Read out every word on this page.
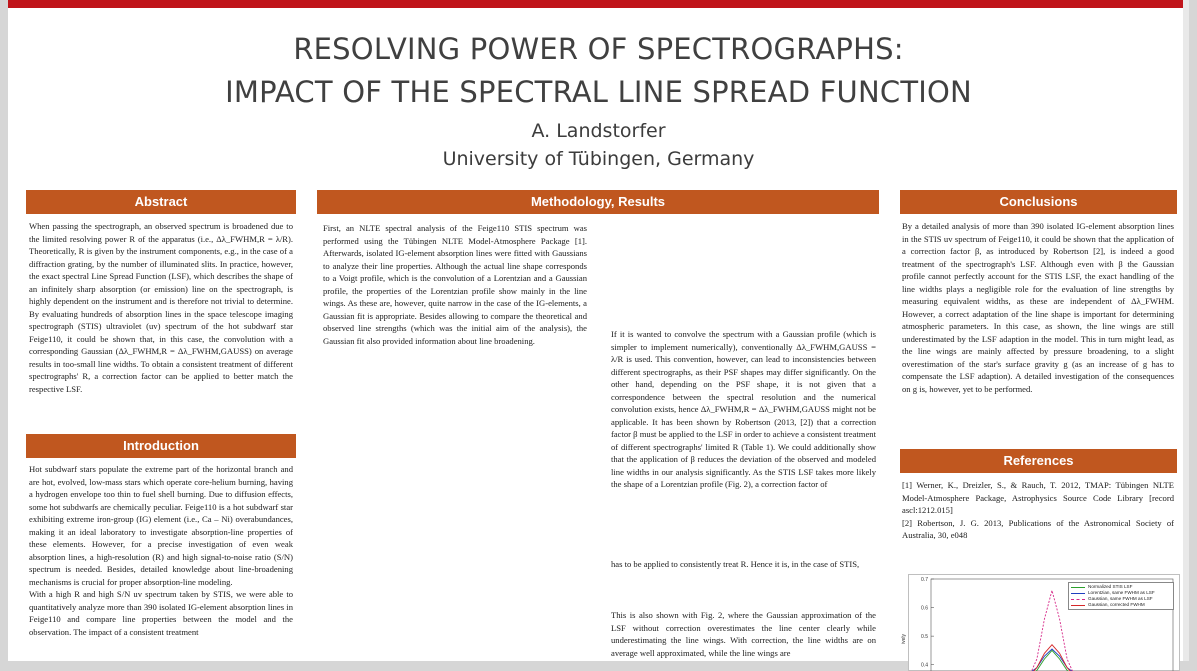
RESOLVING POWER OF SPECTROGRAPHS:
IMPACT OF THE SPECTRAL LINE SPREAD FUNCTION
A. Landstorfer
University of Tübingen, Germany
Abstract

When passing the spectrograph, an observed spectrum is broadened due to the limited resolving power R of the apparatus (i.e., Δλ_FWHM,R = λ/R). Theoretically, R is given by the instrument components, e.g., in the case of a diffraction grating, by the number of illuminated slits. In practice, however, the exact spectral Line Spread Function (LSF), which describes the shape of an infinitely sharp absorption (or emission) line on the spectrograph, is highly dependent on the instrument and is therefore not trivial to determine. By evaluating hundreds of absorption lines in the space telescope imaging spectrograph (STIS) ultraviolet (uv) spectrum of the hot subdwarf star Feige110, it could be shown that, in this case, the convolution with a corresponding Gaussian (Δλ_FWHM,R = Δλ_FWHM,GAUSS) on average results in too-small line widths. To obtain a consistent treatment of different spectrographs' R, a correction factor can be applied to better match the respective LSF.

Introduction

Hot subdwarf stars populate the extreme part of the horizontal branch and are hot, evolved, low-mass stars which operate core-helium burning, having a hydrogen envelope too thin to fuel shell burning. Due to diffusion effects, some hot subdwarfs are chemically peculiar. Feige110 is a hot subdwarf star exhibiting extreme iron-group (IG) element (i.e., Ca – Ni) overabundances, making it an ideal laboratory to investigate absorption-line properties of these elements. However, for a precise investigation of even weak absorption lines, a high-resolution (R) and high signal-to-noise ratio (S/N) spectrum is needed. Besides, detailed knowledge about line-broadening mechanisms is crucial for proper absorption-line modeling.

With a high R and high S/N uv spectrum taken by STIS, we were able to quantitatively analyze more than 390 isolated IG-element absorption lines in Feige110 and compare line properties between the model and the observation. The impact of a consistent treatment

Methodology, Results

First, an NLTE spectral analysis of the Feige110 STIS spectrum was performed using the Tübingen NLTE Model-Atmosphere Package [1]. Afterwards, isolated IG-element absorption lines were fitted with Gaussians to analyze their line properties. Although the actual line shape corresponds to a Voigt profile, which is the convolution of a Lorentzian and a Gaussian profile, the properties of the Lorentzian profile show mainly in the line wings. As these are, however, quite narrow in the case of the IG-elements, a Gaussian fit is appropriate. Besides allowing to compare the theoretical and observed line strengths (which was the initial aim of the analysis), the Gaussian fit also provided information about line broadening.

If it is wanted to convolve the spectrum with a Gaussian profile (which is simpler to implement numerically), conventionally Δλ_FWHM,GAUSS = λ/R is used. This convention, however, can lead to inconsistencies between different spectrographs, as their PSF shapes may differ significantly. On the other hand, depending on the PSF shape, it is not given that a correspondence between the spectral resolution and the numerical convolution exists, hence Δλ_FWHM,R = Δλ_FWHM,GAUSS might not be applicable. It has been shown by Robertson (2013, [2]) that a correction factor β must be applied to the LSF in order to achieve a consistent treatment of different spectrographs' limited R (Table 1). We could additionally show that the application of β reduces the deviation of the observed and modeled line widths in our analysis significantly. As the STIS LSF takes more likely the shape of a Lorentzian profile (Fig. 2), a correction factor of

has to be applied to consistently treat R. Hence it is, in the case of STIS,

This is also shown with Fig. 2, where the Gaussian approximation of the LSF without correction overestimates the line center clearly while underestimating the line wings. With correction, the line widths are on average well approximated, while the line wings are

Conclusions

By a detailed analysis of more than 390 isolated IG-element absorption lines in the STIS uv spectrum of Feige110, it could be shown that the application of a correction factor β, as introduced by Robertson [2], is indeed a good treatment of the spectrograph's LSF. Although even with β the Gaussian profile cannot perfectly account for the STIS LSF, the exact handling of the line widths plays a negligible role for the evaluation of line strengths by measuring equivalent widths, as these are independent of Δλ_FWHM. However, a correct adaptation of the line shape is important for determining atmospheric parameters. In this case, as shown, the line wings are still underestimated by the LSF adaption in the model. This in turn might lead, as the line wings are mainly affected by pressure broadening, to a slight overestimation of the star's surface gravity g (as an increase of g has to compensate the LSF adaption). A detailed investigation of the consequences on g is, however, yet to be performed.

References

[1] Werner, K., Dreizler, S., & Rauch, T. 2012, TMAP: Tübingen NLTE Model-Atmosphere Package, Astrophysics Source Code Library [record ascl:1212.015]

[2] Robertson, J. G. 2013, Publications of the Astronomical Society of Australia, 30, e048

0.7
0.6
0.5
0.4
ively
Normalized STIS LSF
Lorentzian, same FWHM as LSF
Gaussian, same FWHM as LSF
Gaussian, corrected FWHM
